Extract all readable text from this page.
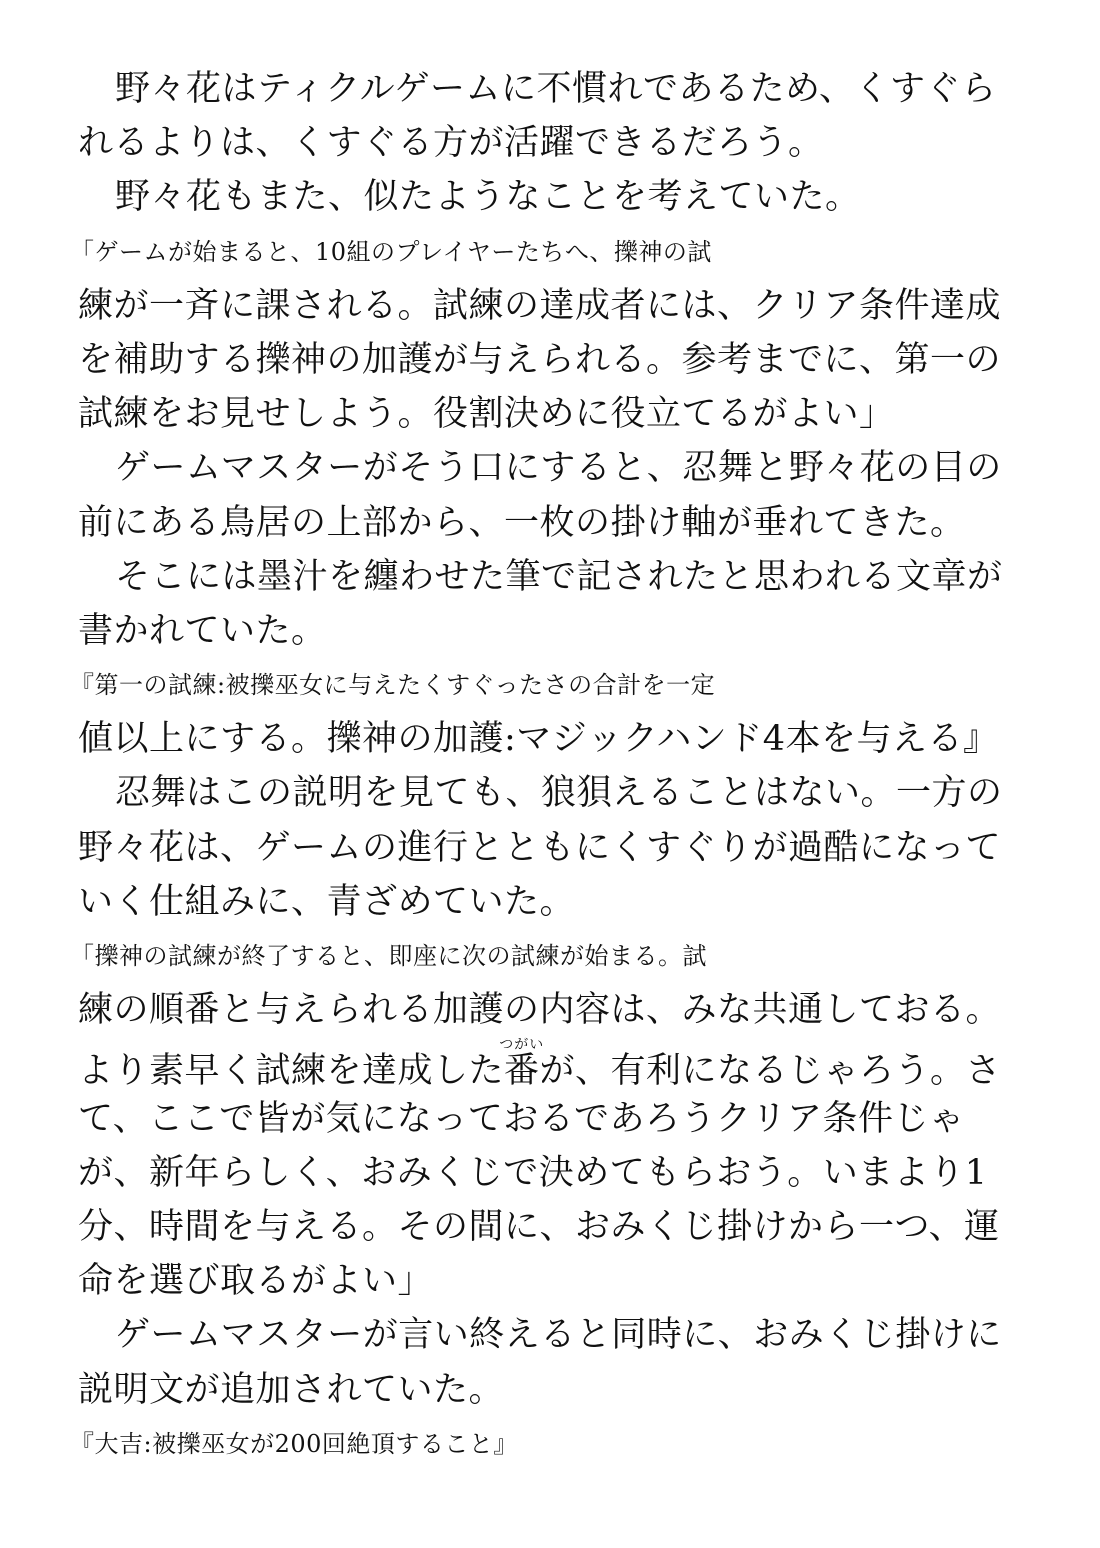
野々花はティクルゲームに不慣れであるため、くすぐら
れるよりは、くすぐる方が活躍できるだろう。
野々花もまた、似たようなことを考えていた。
「ゲームが始まると、10組のプレイヤーたちへ、擽神の試
練が一斉に課される。試練の達成者には、クリア条件達成
を補助する擽神の加護が与えられる。参考までに、第一の
試練をお見せしよう。役割決めに役立てるがよい」
ゲームマスターがそう口にすると、忍舞と野々花の目の
前にある鳥居の上部から、一枚の掛け軸が垂れてきた。
そこには墨汁を纏わせた筆で記されたと思われる文章が
書かれていた。
『第一の試練:被擽巫女に与えたくすぐったさの合計を一定
値以上にする。擽神の加護:マジックハンド4本を与える』
忍舞はこの説明を見ても、狼狽えることはない。一方の
野々花は、ゲームの進行とともにくすぐりが過酷になって
いく仕組みに、青ざめていた。
「擽神の試練が終了すると、即座に次の試練が始まる。試
練の順番と与えられる加護の内容は、みな共通しておる。
より素早く試練を達成した番つがいが、有利になるじゃろう。さ
て、ここで皆が気になっておるであろうクリア条件じゃ
が、新年らしく、おみくじで決めてもらおう。いまより1
分、時間を与える。その間に、おみくじ掛けから一つ、運
命を選び取るがよい」
ゲームマスターが言い終えると同時に、おみくじ掛けに
説明文が追加されていた。
『大吉:被擽巫女が200回絶頂すること』
